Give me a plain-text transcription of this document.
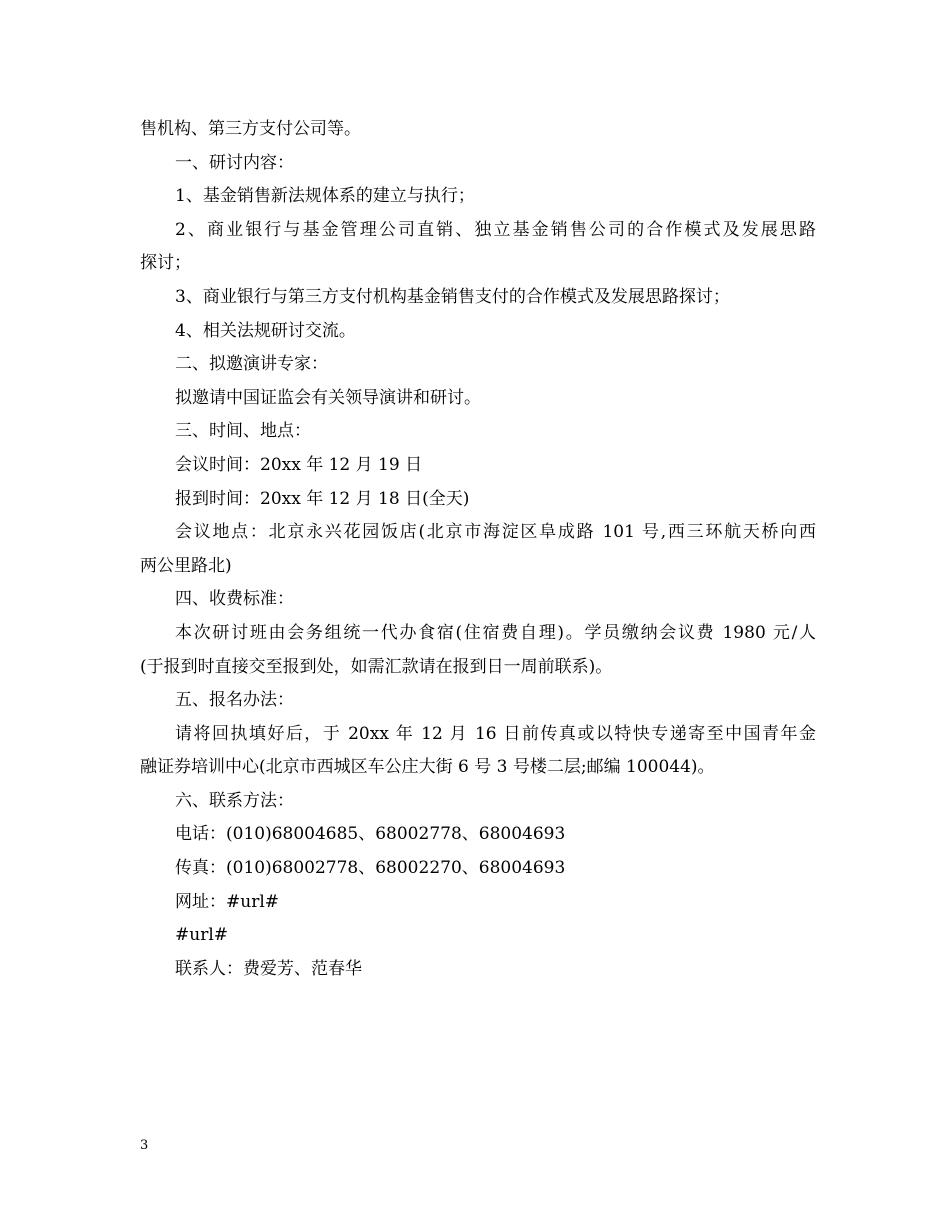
售机构、第三方支付公司等。
一、研讨内容：
1、基金销售新法规体系的建立与执行；
2、商业银行与基金管理公司直销、独立基金销售公司的合作模式及发展思路
探讨；
3、商业银行与第三方支付机构基金销售支付的合作模式及发展思路探讨；
4、相关法规研讨交流。
二、拟邀演讲专家：
拟邀请中国证监会有关领导演讲和研讨。
三、时间、地点：
会议时间：20xx 年 12 月 19 日
报到时间：20xx 年 12 月 18 日(全天)
会议地点：北京永兴花园饭店(北京市海淀区阜成路 101 号,西三环航天桥向西
两公里路北)
四、收费标准：
本次研讨班由会务组统一代办食宿(住宿费自理)。学员缴纳会议费 1980 元/人
(于报到时直接交至报到处，如需汇款请在报到日一周前联系)。
五、报名办法：
请将回执填好后，于 20xx 年 12 月 16 日前传真或以特快专递寄至中国青年金
融证券培训中心(北京市西城区车公庄大街 6 号 3 号楼二层;邮编 100044)。
六、联系方法：
电话：(010)68004685、68002778、68004693
传真：(010)68002778、68002270、68004693
网址：#url#
#url#
联系人：费爱芳、范春华
3
